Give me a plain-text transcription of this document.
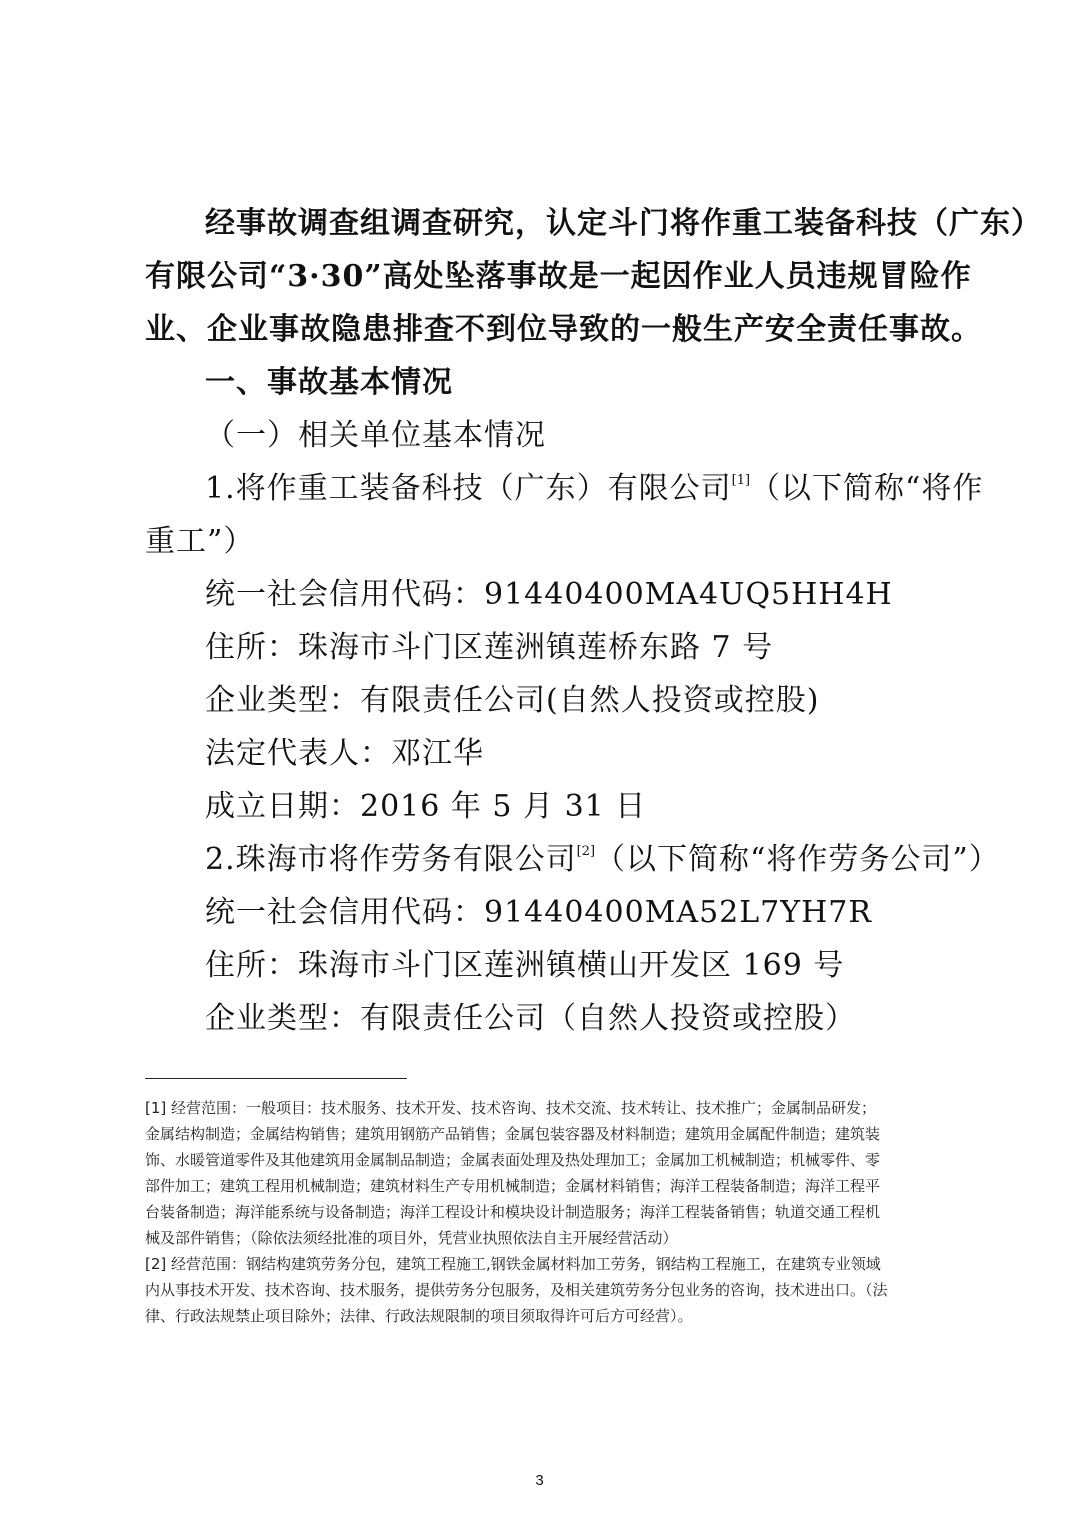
经事故调查组调查研究，认定斗门将作重工装备科技（广东）
有限公司“3·30”高处坠落事故是一起因作业人员违规冒险作
业、企业事故隐患排查不到位导致的一般生产安全责任事故。
一、事故基本情况
（一）相关单位基本情况
1.将作重工装备科技（广东）有限公司[1]（以下简称“将作
重工”）
统一社会信用代码：91440400MA4UQ5HH4H
住所：珠海市斗门区莲洲镇莲桥东路 7 号
企业类型：有限责任公司(自然人投资或控股)
法定代表人：邓江华
成立日期：2016 年 5 月 31 日
2.珠海市将作劳务有限公司[2]（以下简称“将作劳务公司”）
统一社会信用代码：91440400MA52L7YH7R
住所：珠海市斗门区莲洲镇横山开发区 169 号
企业类型：有限责任公司（自然人投资或控股）
[1] 经营范围：一般项目：技术服务、技术开发、技术咨询、技术交流、技术转让、技术推广；金属制品研发；
金属结构制造；金属结构销售；建筑用钢筋产品销售；金属包装容器及材料制造；建筑用金属配件制造；建筑装
饰、水暖管道零件及其他建筑用金属制品制造；金属表面处理及热处理加工；金属加工机械制造；机械零件、零
部件加工；建筑工程用机械制造；建筑材料生产专用机械制造；金属材料销售；海洋工程装备制造；海洋工程平
台装备制造；海洋能系统与设备制造；海洋工程设计和模块设计制造服务；海洋工程装备销售；轨道交通工程机
械及部件销售；（除依法须经批准的项目外，凭营业执照依法自主开展经营活动）
[2] 经营范围：钢结构建筑劳务分包，建筑工程施工,钢铁金属材料加工劳务，钢结构工程施工，在建筑专业领域
内从事技术开发、技术咨询、技术服务，提供劳务分包服务，及相关建筑劳务分包业务的咨询，技术进出口。（法
律、行政法规禁止项目除外；法律、行政法规限制的项目须取得许可后方可经营）。
3
